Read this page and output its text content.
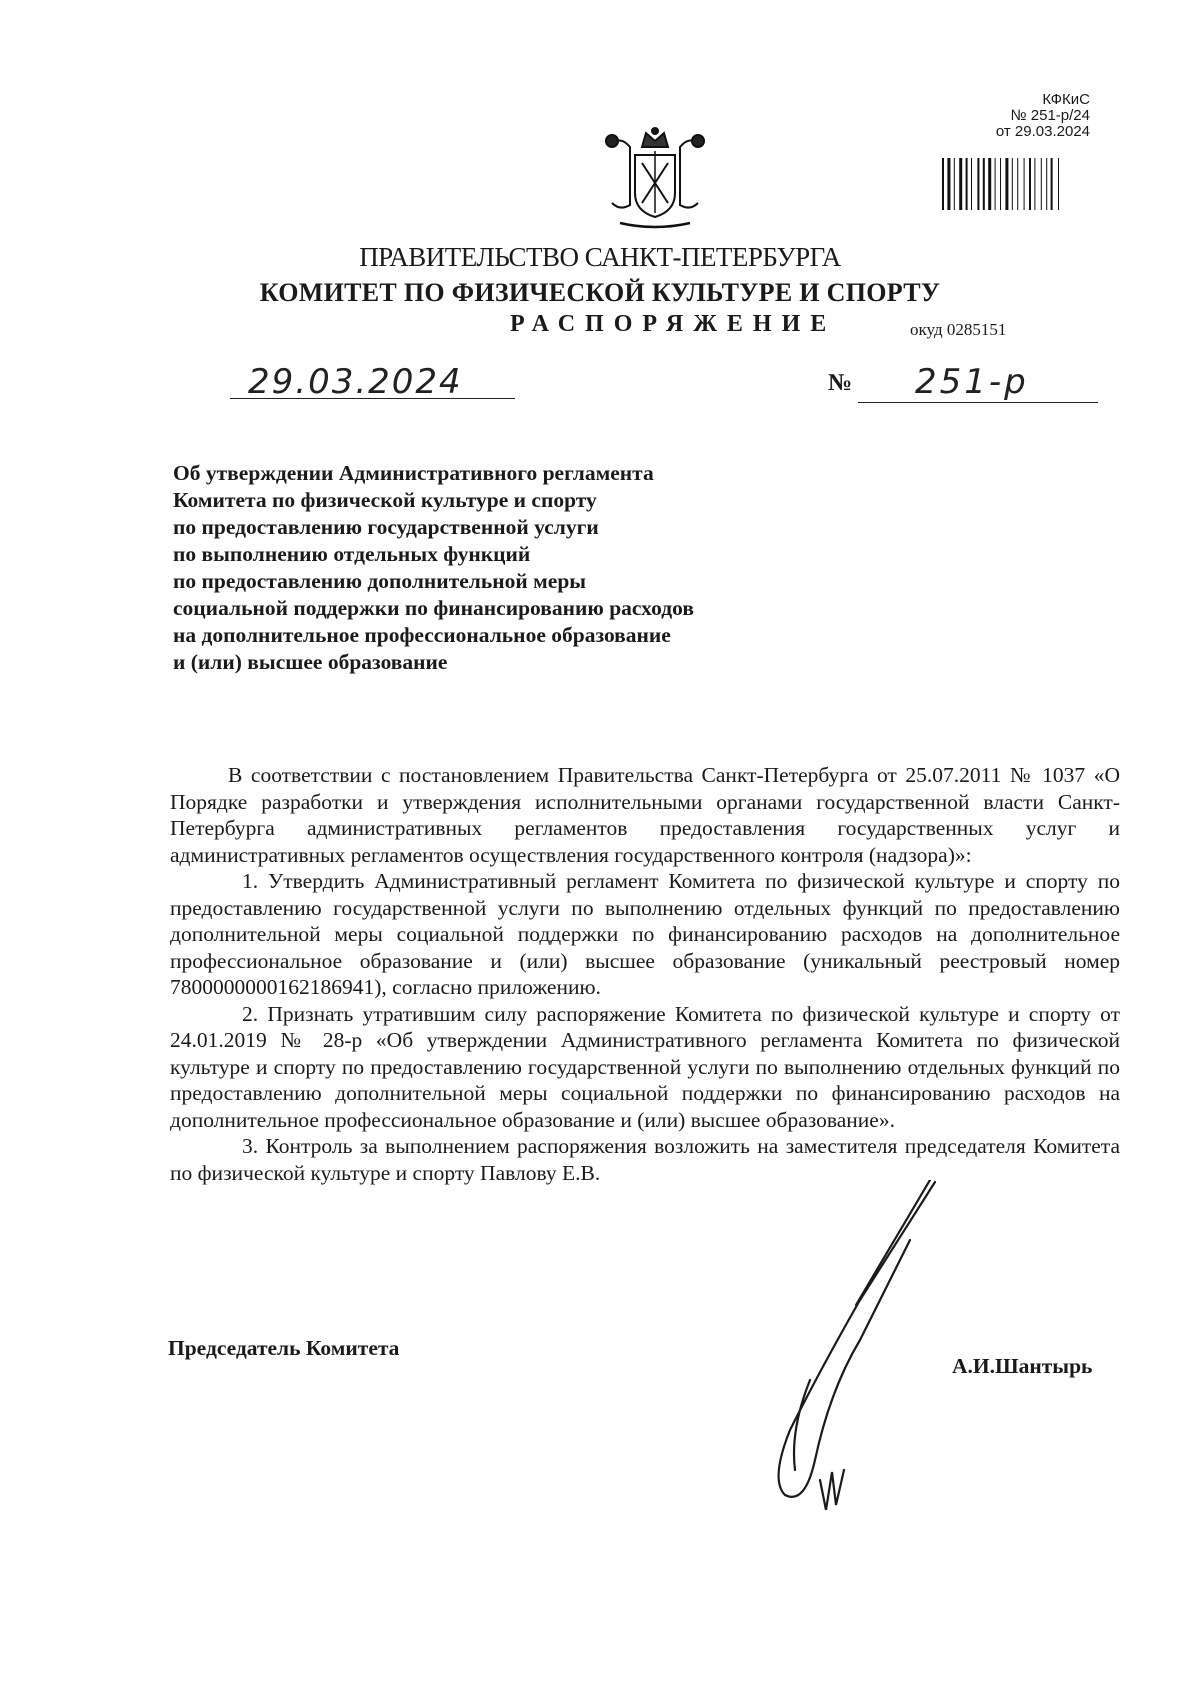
КФКиС
№ 251-р/24
от 29.03.2024
ПРАВИТЕЛЬСТВО САНКТ-ПЕТЕРБУРГА
КОМИТЕТ ПО ФИЗИЧЕСКОЙ КУЛЬТУРЕ И СПОРТУ
РАСПОРЯЖЕНИЕ	окуд 0285151
29.03.2024	№ 251-р
Об утверждении Административного регламента
Комитета по физической культуре и спорту
по предоставлению государственной услуги
по выполнению отдельных функций
по предоставлению дополнительной меры
социальной поддержки по финансированию расходов
на дополнительное профессиональное образование
и (или) высшее образование

В соответствии с постановлением Правительства Санкт-Петербурга от 25.07.2011 № 1037 «О Порядке разработки и утверждения исполнительными органами государственной власти Санкт-Петербурга административных регламентов предоставления государственных услуг и административных регламентов осуществления государственного контроля (надзора)»:

1. Утвердить Административный регламент Комитета по физической культуре и спорту по предоставлению государственной услуги по выполнению отдельных функций по предоставлению дополнительной меры социальной поддержки по финансированию расходов на дополнительное профессиональное образование и (или) высшее образование (уникальный реестровый номер 7800000000162186941), согласно приложению.

2. Признать утратившим силу распоряжение Комитета по физической культуре и спорту от 24.01.2019 № 28-р «Об утверждении Административного регламента Комитета по физической культуре и спорту по предоставлению государственной услуги по выполнению отдельных функций по предоставлению дополнительной меры социальной поддержки по финансированию расходов на дополнительное профессиональное образование и (или) высшее образование».

3. Контроль за выполнением распоряжения возложить на заместителя председателя Комитета по физической культуре и спорту Павлову Е.В.

Председатель Комитета
А.И.Шантырь
